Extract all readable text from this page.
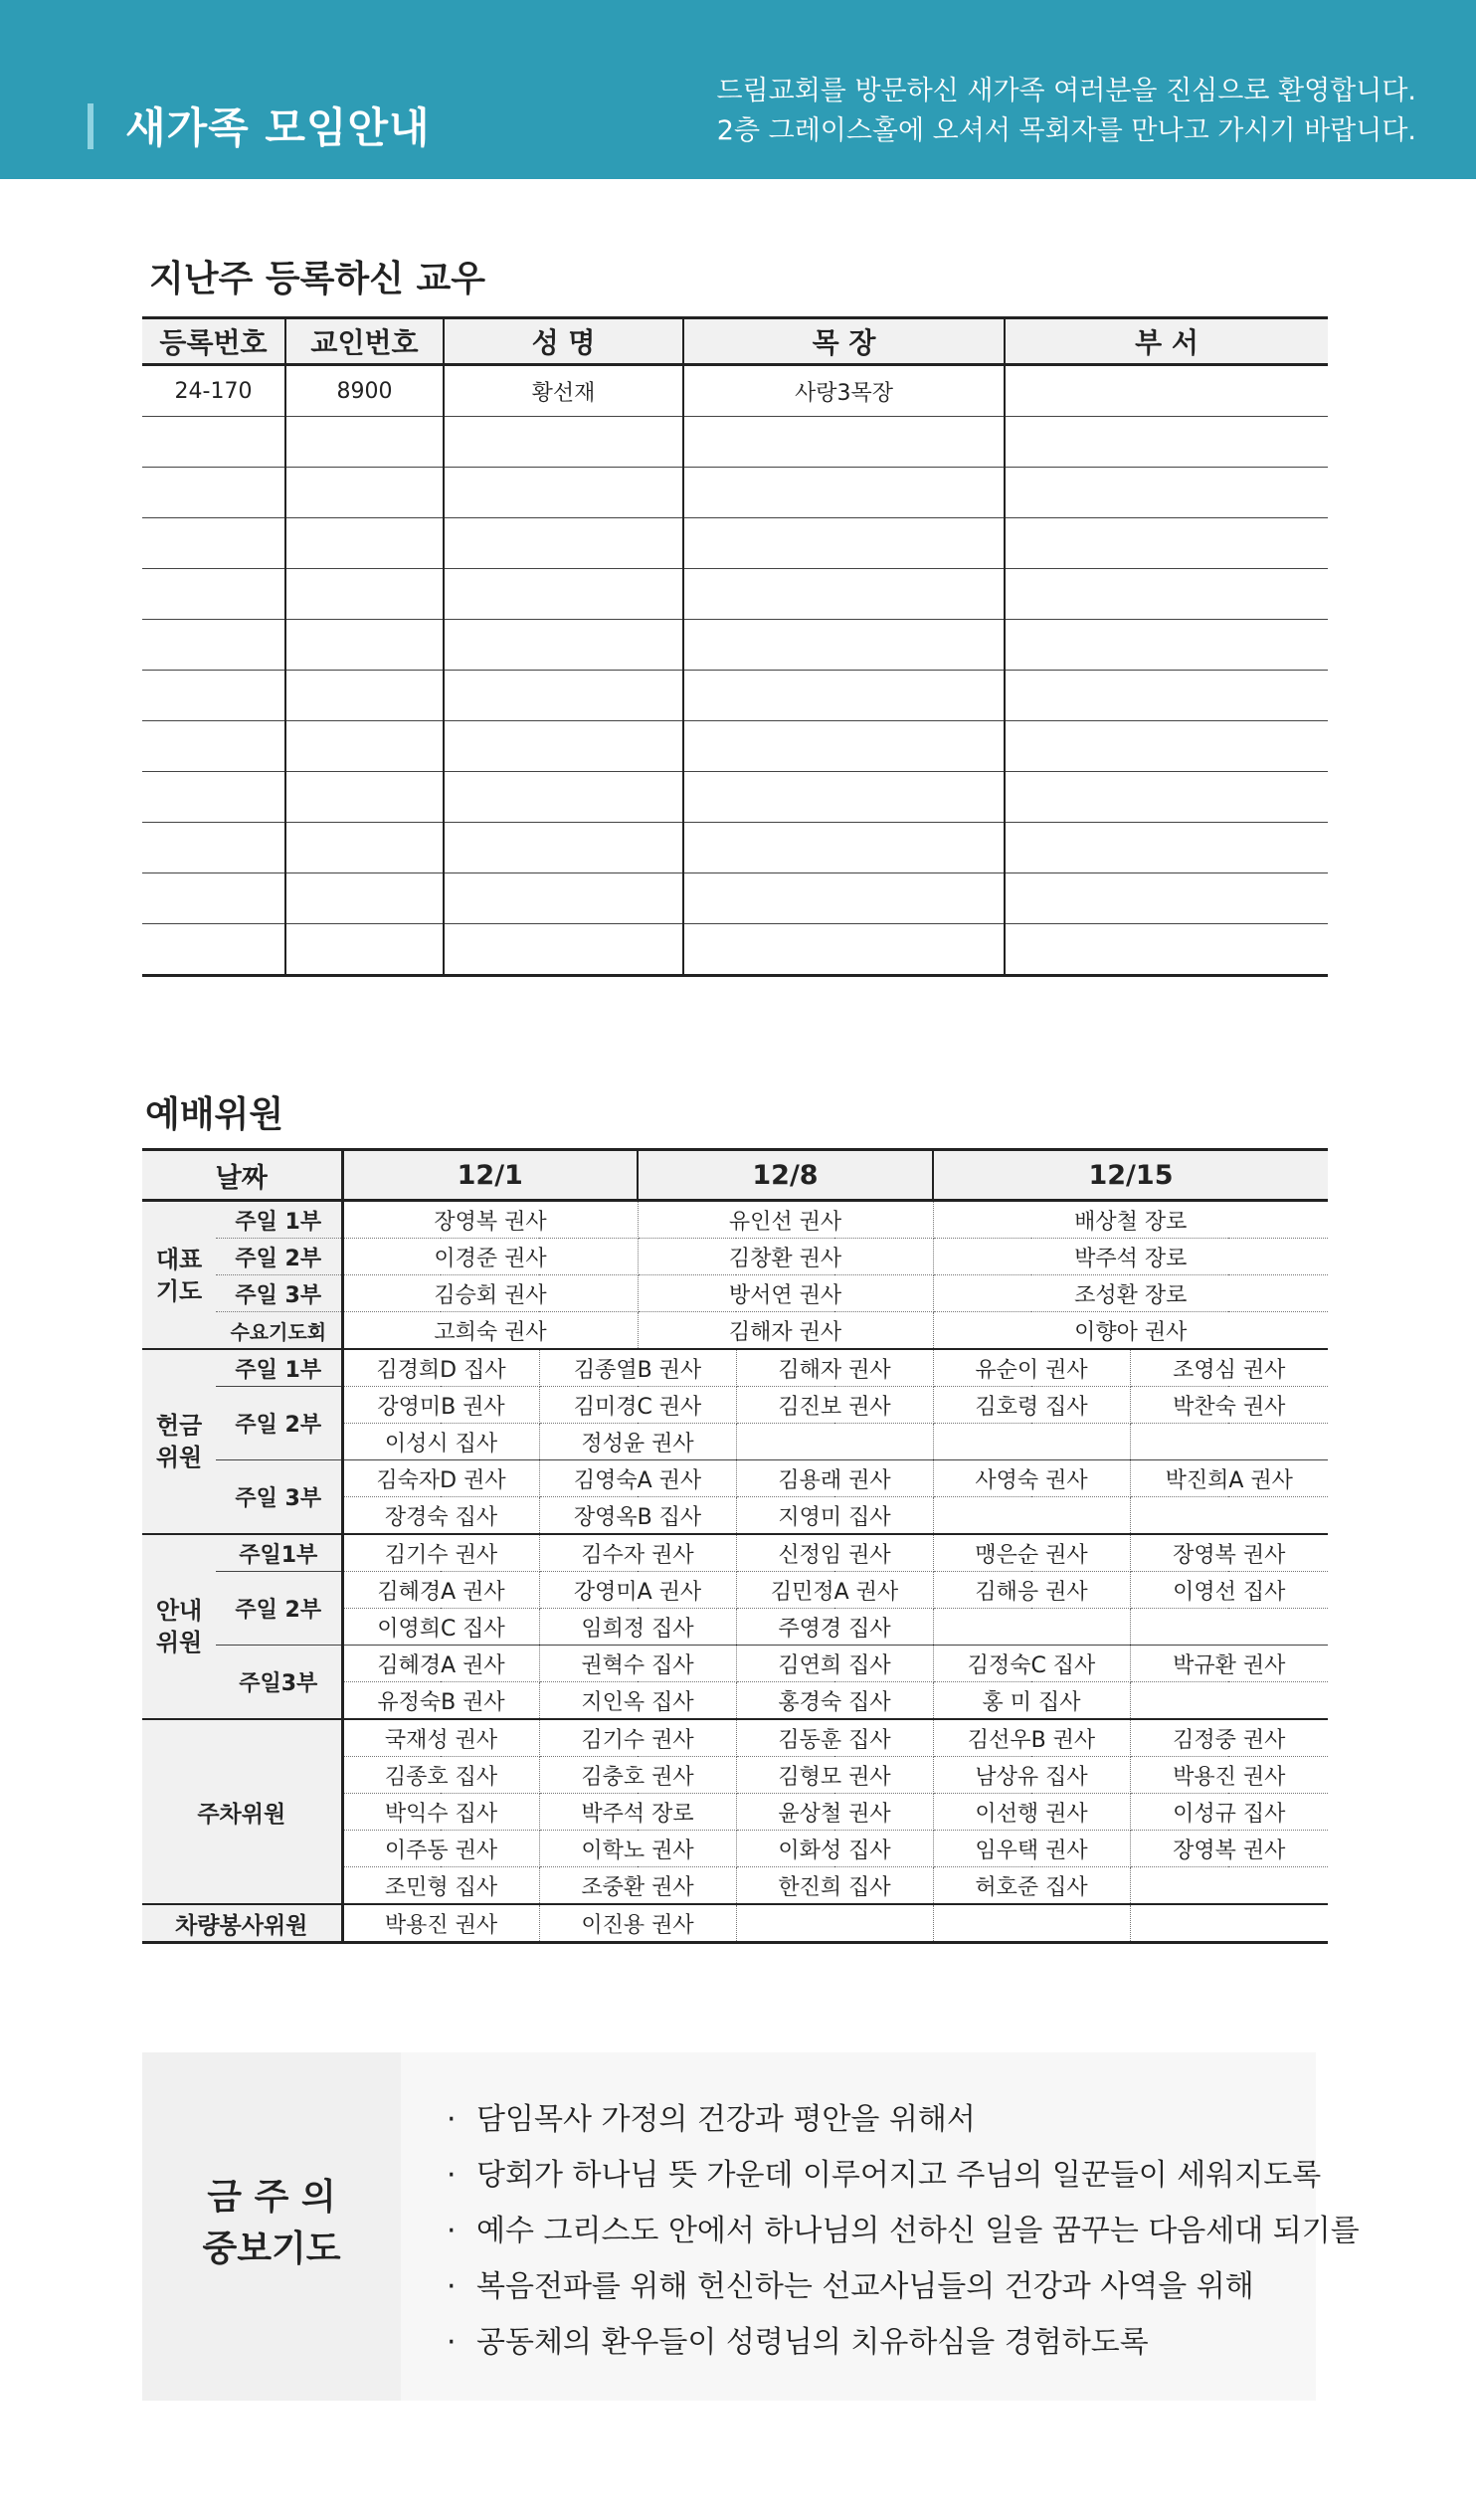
새가족 모임안내
드림교회를 방문하신 새가족 여러분을 진심으로 환영합니다.
2층 그레이스홀에 오셔서 목회자를 만나고 가시기 바랍니다.
지난주 등록하신 교우
등록번호	교인번호	성 명	목 장	부 서
24-170	8900	황선재	사랑3목장	

예배위원
날짜		12/1		12/8		12/15	
대표
기도	주일 1부	장영복 권사		유인선 권사		배상철 장로	
	주일 2부	이경준 권사		김창환 권사		박주석 장로	
	주일 3부	김승회 권사		방서연 권사		조성환 장로	
	수요기도회	고희숙 권사		김해자 권사		이향아 권사	
헌금
위원	주일 1부	김경희D 집사	김종열B 권사		김해자 권사	유순이 권사	조영심 권사
	주일 2부	강영미B 권사	김미경C 권사		김진보 권사	김호령 집사	박찬숙 권사
		이성시 집사	정성윤 권사				
	주일 3부	김숙자D 권사	김영숙A 권사		김용래 권사	사영숙 권사	박진희A 권사
		장경숙 집사	장영옥B 집사		지영미 집사		
안내
위원	주일1부	김기수 권사	김수자 권사		신정임 권사	맹은순 권사	장영복 권사
	주일 2부	김혜경A 권사	강영미A 권사		김민정A 권사	김해응 권사	이영선 집사
		이영희C 집사	임희정 집사		주영경 집사		
	주일3부	김혜경A 권사	권혁수 집사		김연희 집사	김정숙C 집사	박규환 권사
		유정숙B 권사	지인옥 집사		홍경숙 집사	홍 미 집사	
주차위원		국재성 권사	김기수 권사		김동훈 집사	김선우B 권사	김정중 권사
		김종호 집사	김충호 권사		김형모 권사	남상유 집사	박용진 권사
		박익수 집사	박주석 장로		윤상철 권사	이선행 권사	이성규 집사
		이주동 권사	이학노 권사		이화성 집사	임우택 권사	장영복 권사
		조민형 집사	조중환 권사		한진희 집사	허호준 집사	
차량봉사위원		박용진 권사	이진용 권사				
금 주 의
중보기도
· 담임목사 가정의 건강과 평안을 위해서
· 당회가 하나님 뜻 가운데 이루어지고 주님의 일꾼들이 세워지도록
· 예수 그리스도 안에서 하나님의 선하신 일을 꿈꾸는 다음세대 되기를
· 복음전파를 위해 헌신하는 선교사님들의 건강과 사역을 위해
· 공동체의 환우들이 성령님의 치유하심을 경험하도록
